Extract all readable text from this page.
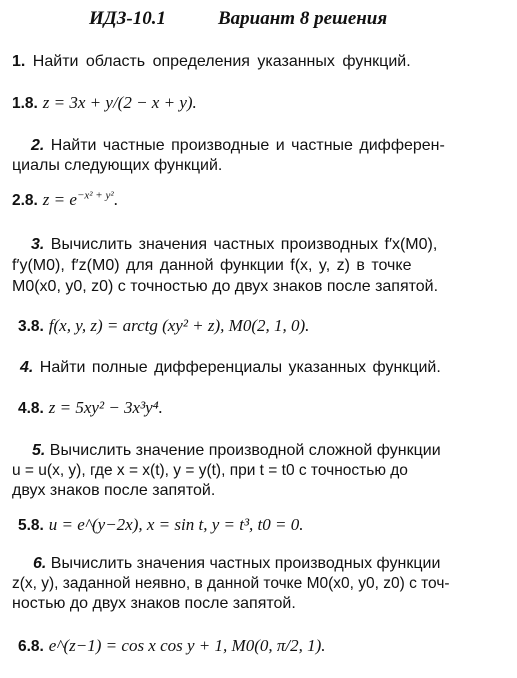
ИДЗ-10.1	Вариант 8 решения
1. Найти область определения указанных функций.
1.8. z = 3x + y/(2 − x + y).
2. Найти частные производные и частные дифферен-
циалы следующих функций.
2.8. $z = e^{-x^2 + y^2}$.
3. Вычислить значения частных производных f′x(M0),
f′y(M0), f′z(M0) для данной функции f(x, y, z) в точке
M0(x0, y0, z0) с точностью до двух знаков после запятой.
3.8. f(x, y, z) = arctg (xy² + z), M0(2, 1, 0).
4. Найти полные дифференциалы указанных функций.
4.8. z = 5xy² − 3x³y⁴.
5. Вычислить значение производной сложной функции
u = u(x, y), где x = x(t), y = y(t), при t = t0 с точностью до
двух знаков после запятой.
5.8. u = e^(y−2x), x = sin t, y = t³, t0 = 0.
6. Вычислить значения частных производных функции
z(x, y), заданной неявно, в данной точке M0(x0, y0, z0) с точ-
ностью до двух знаков после запятой.
6.8. e^(z−1) = cos x cos y + 1, M0(0, π/2, 1).
